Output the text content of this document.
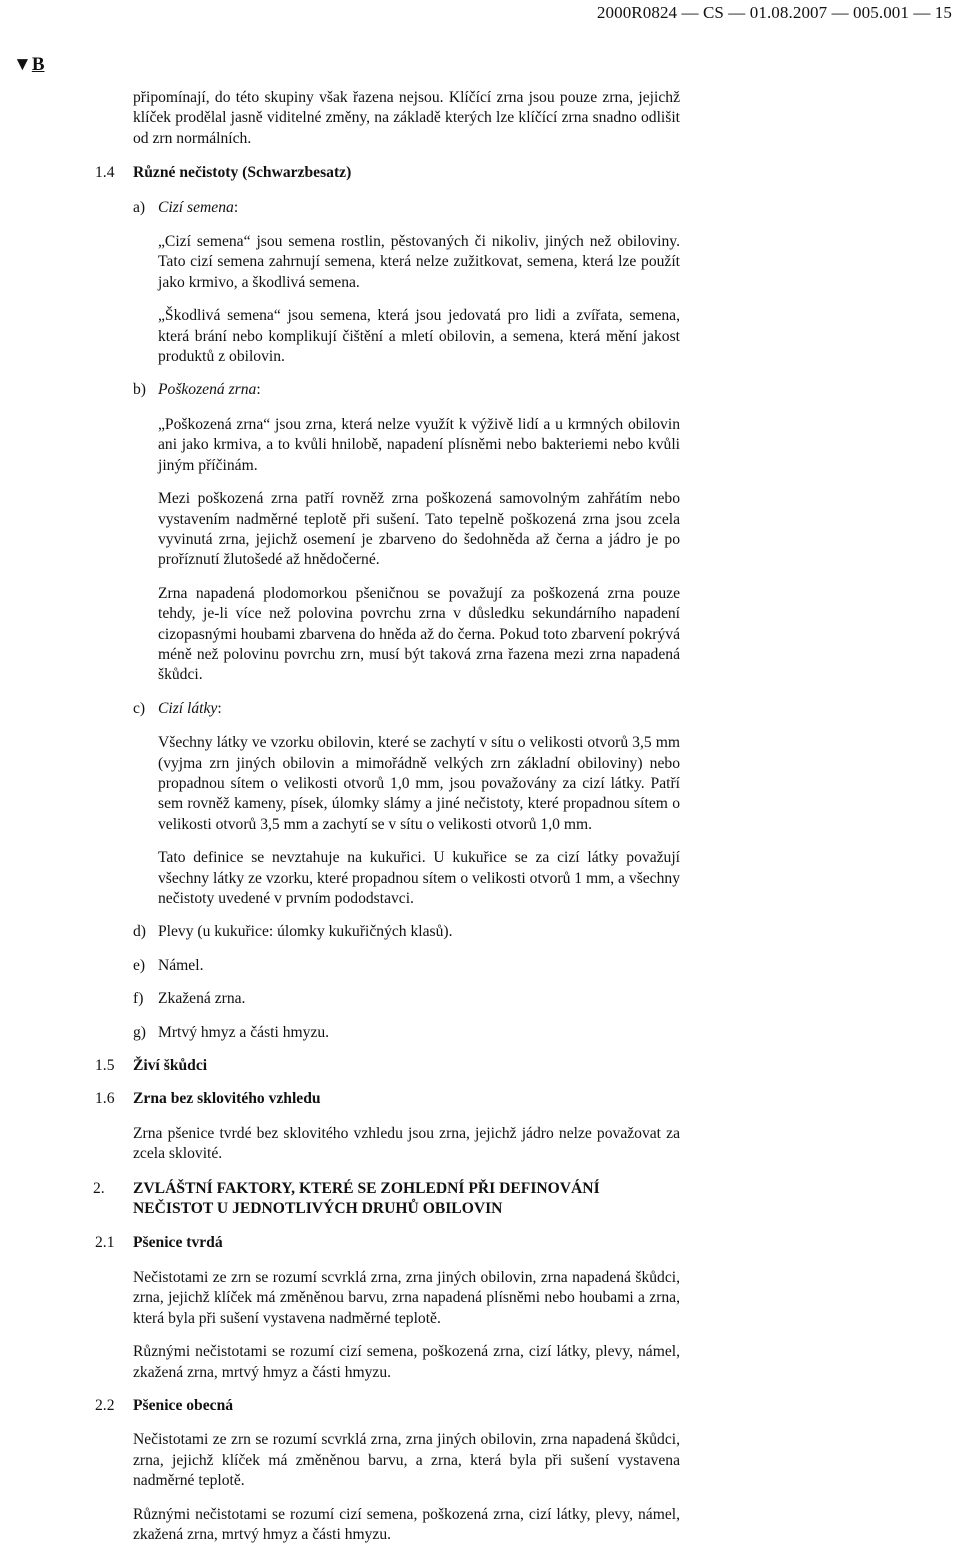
2000R0824 — CS — 01.08.2007 — 005.001 — 15
▼B

připomínají, do této skupiny však řazena nejsou. Klíčící zrna jsou pouze zrna, jejichž klíček prodělal jasně viditelné změny, na základě kterých lze klíčící zrna snadno odlišit od zrn normálních.

1.4 Různé nečistoty (Schwarzbesatz)
a) Cizí semena:

„Cizí semena“ jsou semena rostlin, pěstovaných či nikoliv, jiných než obiloviny. Tato cizí semena zahrnují semena, která nelze zužitkovat, semena, která lze použít jako krmivo, a škodlivá semena.

„Škodlivá semena“ jsou semena, která jsou jedovatá pro lidi a zvířata, semena, která brání nebo komplikují čištění a mletí obilovin, a semena, která mění jakost produktů z obilovin.

b) Poškozená zrna:

„Poškozená zrna“ jsou zrna, která nelze využít k výživě lidí a u krmných obilovin ani jako krmiva, a to kvůli hnilobě, napadení plísněmi nebo bakteriemi nebo kvůli jiným příčinám.

Mezi poškozená zrna patří rovněž zrna poškozená samovolným zahřátím nebo vystavením nadměrné teplotě při sušení. Tato tepelně poškozená zrna jsou zcela vyvinutá zrna, jejichž osemení je zbarveno do šedohněda až černa a jádro je po proříznutí žlutošedé až hnědočerné.

Zrna napadená plodomorkou pšeničnou se považují za poškozená zrna pouze tehdy, je-li více než polovina povrchu zrna v důsledku sekundárního napadení cizopasnými houbami zbarvena do hněda až do černa. Pokud toto zbarvení pokrývá méně než polovinu povrchu zrn, musí být taková zrna řazena mezi zrna napadená škůdci.

c) Cizí látky:

Všechny látky ve vzorku obilovin, které se zachytí v sítu o velikosti otvorů 3,5 mm (vyjma zrn jiných obilovin a mimořádně velkých zrn základní obiloviny) nebo propadnou sítem o velikosti otvorů 1,0 mm, jsou považovány za cizí látky. Patří sem rovněž kameny, písek, úlomky slámy a jiné nečistoty, které propadnou sítem o velikosti otvorů 3,5 mm a zachytí se v sítu o velikosti otvorů 1,0 mm.

Tato definice se nevztahuje na kukuřici. U kukuřice se za cizí látky považují všechny látky ze vzorku, které propadnou sítem o velikosti otvorů 1 mm, a všechny nečistoty uvedené v prvním pododstavci.

d) Plevy (u kukuřice: úlomky kukuřičných klasů).
e) Námel.
f) Zkažená zrna.
g) Mrtvý hmyz a části hmyzu.
1.5 Živí škůdci
1.6 Zrna bez sklovitého vzhledu

Zrna pšenice tvrdé bez sklovitého vzhledu jsou zrna, jejichž jádro nelze považovat za zcela sklovité.

2. ZVLÁŠTNÍ FAKTORY, KTERÉ SE ZOHLEDNÍ PŘI DEFINOVÁNÍ NEČISTOT U JEDNOTLIVÝCH DRUHŮ OBILOVIN

2.1 Pšenice tvrdá

Nečistotami ze zrn se rozumí scvrklá zrna, zrna jiných obilovin, zrna napadená škůdci, zrna, jejichž klíček má změněnou barvu, zrna napadená plísněmi nebo houbami a zrna, která byla při sušení vystavena nadměrné teplotě.

Různými nečistotami se rozumí cizí semena, poškozená zrna, cizí látky, plevy, námel, zkažená zrna, mrtvý hmyz a části hmyzu.

2.2 Pšenice obecná

Nečistotami ze zrn se rozumí scvrklá zrna, zrna jiných obilovin, zrna napadená škůdci, zrna, jejichž klíček má změněnou barvu, a zrna, která byla při sušení vystavena nadměrné teplotě.

Různými nečistotami se rozumí cizí semena, poškozená zrna, cizí látky, plevy, námel, zkažená zrna, mrtvý hmyz a části hmyzu.
